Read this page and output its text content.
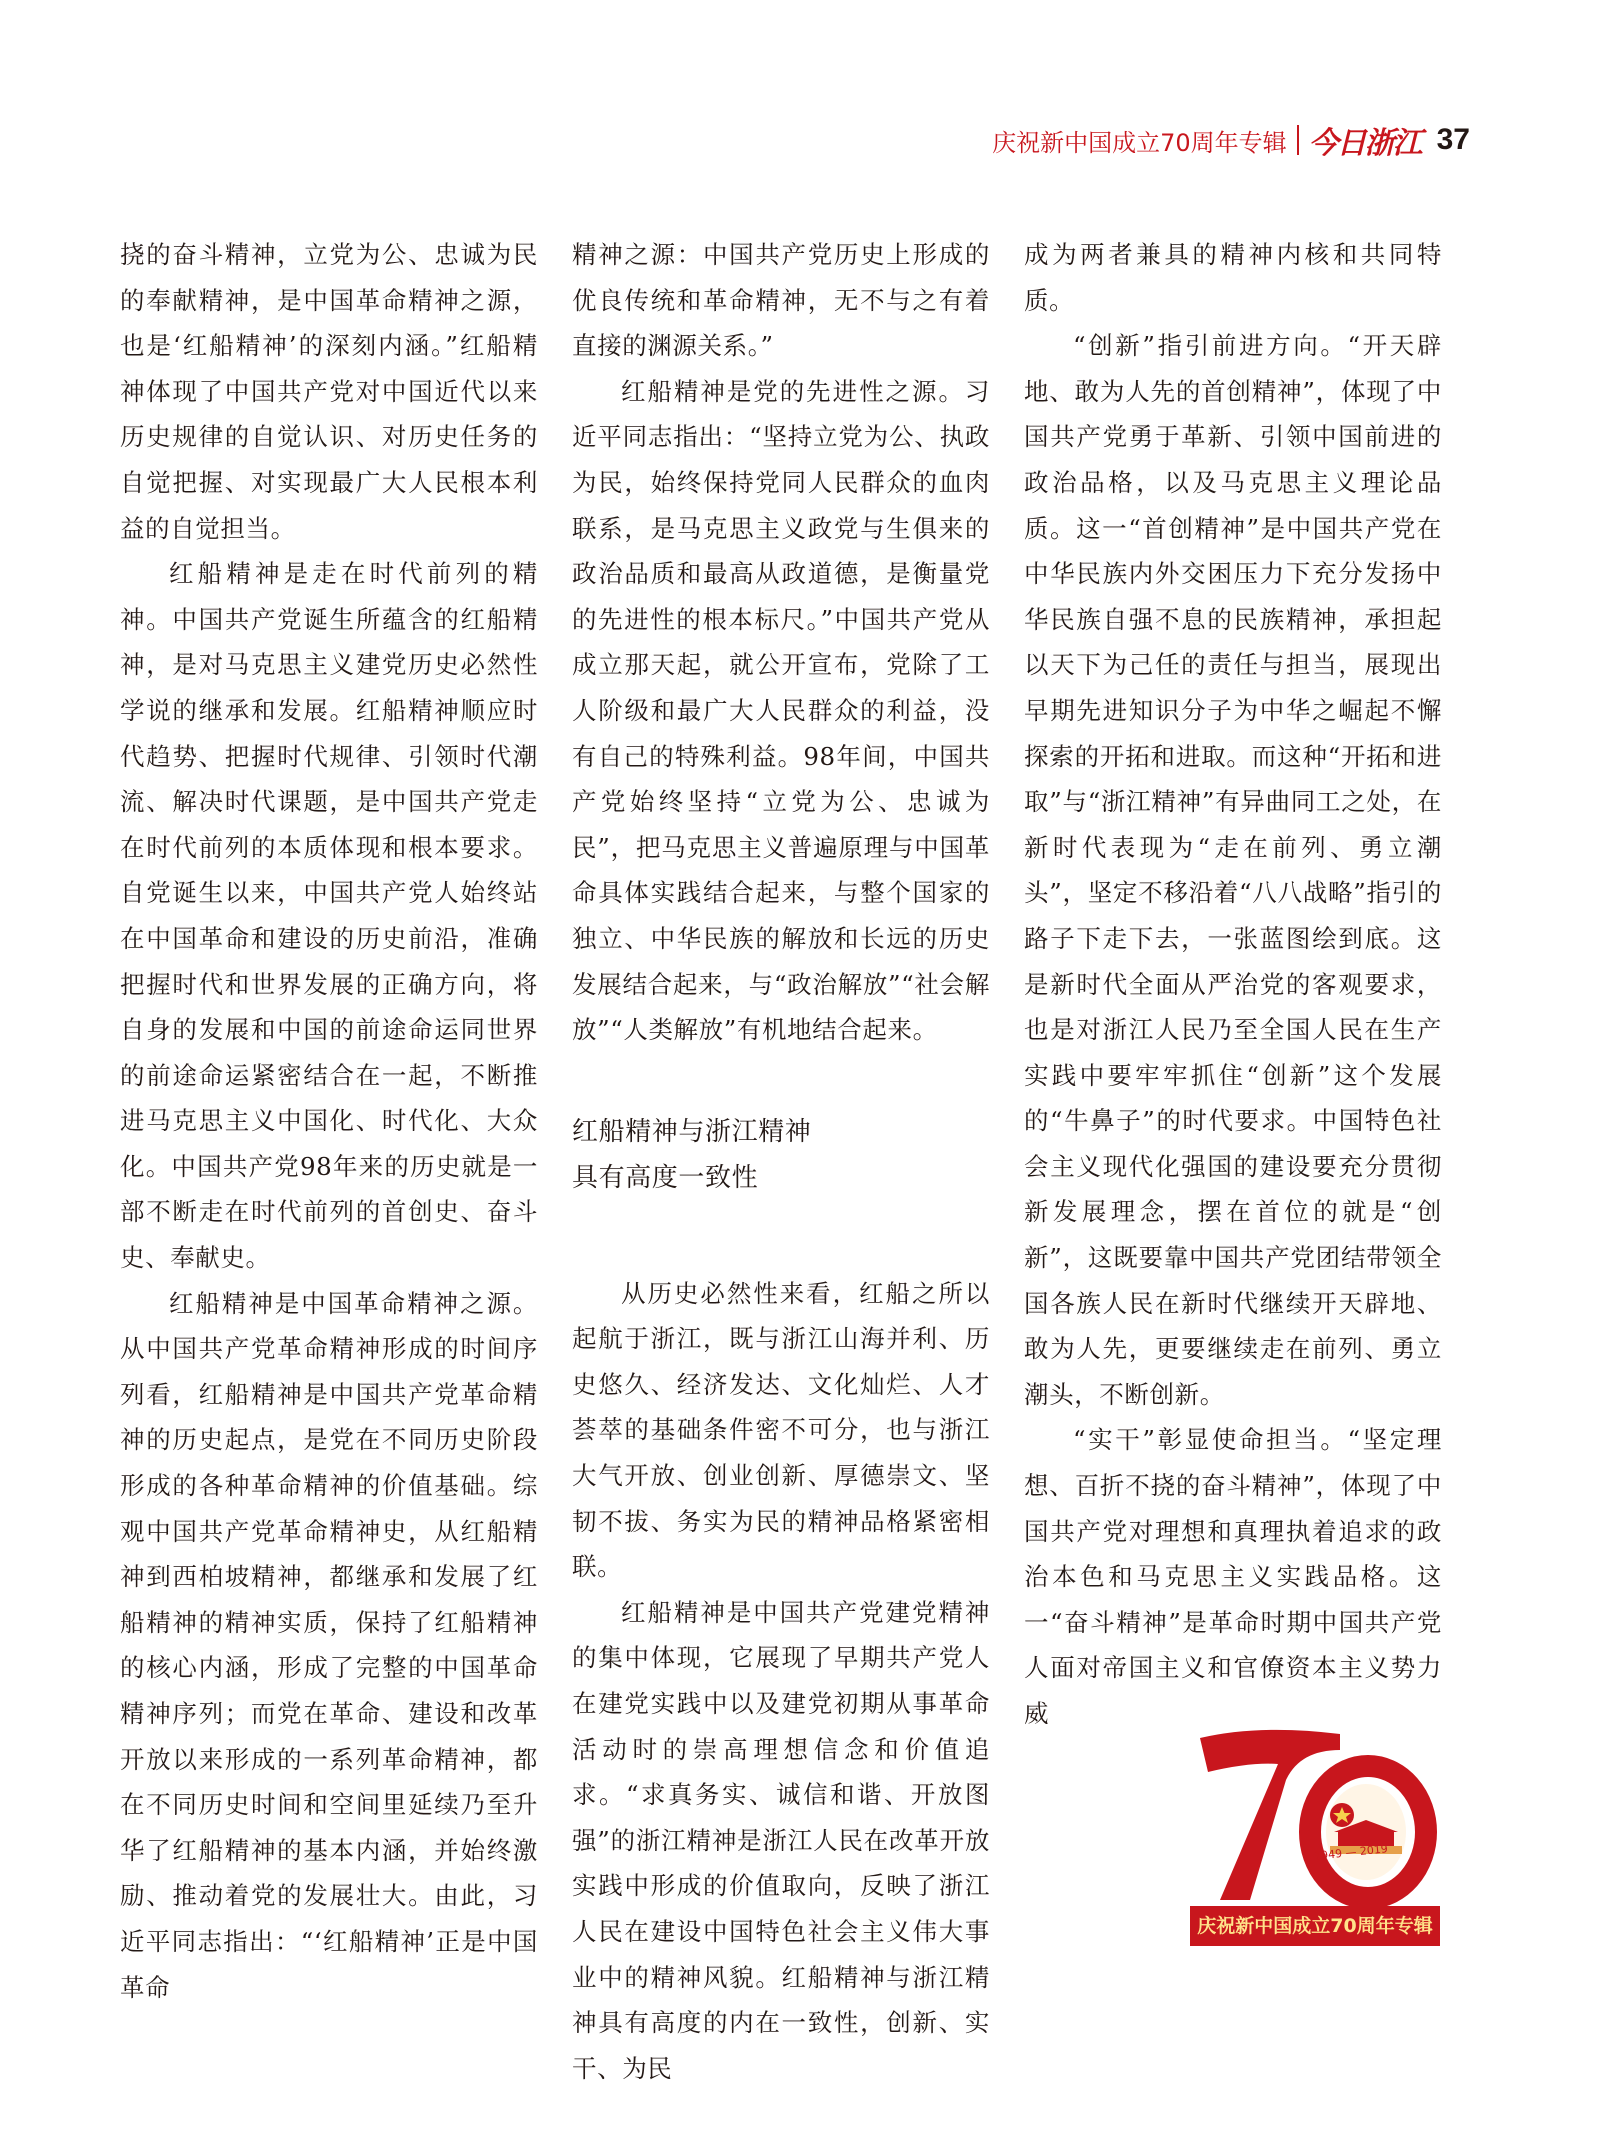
庆祝新中国成立70周年专辑 今日浙江 37

挠的奋斗精神，立党为公、忠诚为民的奉献精神，是中国革命精神之源，也是‘红船精神’的深刻内涵。”红船精神体现了中国共产党对中国近代以来历史规律的自觉认识、对历史任务的自觉把握、对实现最广大人民根本利益的自觉担当。

红船精神是走在时代前列的精神。中国共产党诞生所蕴含的红船精神，是对马克思主义建党历史必然性学说的继承和发展。红船精神顺应时代趋势、把握时代规律、引领时代潮流、解决时代课题，是中国共产党走在时代前列的本质体现和根本要求。自党诞生以来，中国共产党人始终站在中国革命和建设的历史前沿，准确把握时代和世界发展的正确方向，将自身的发展和中国的前途命运同世界的前途命运紧密结合在一起，不断推进马克思主义中国化、时代化、大众化。中国共产党98年来的历史就是一部不断走在时代前列的首创史、奋斗史、奉献史。

红船精神是中国革命精神之源。从中国共产党革命精神形成的时间序列看，红船精神是中国共产党革命精神的历史起点，是党在不同历史阶段形成的各种革命精神的价值基础。综观中国共产党革命精神史，从红船精神到西柏坡精神，都继承和发展了红船精神的精神实质，保持了红船精神的核心内涵，形成了完整的中国革命精神序列；而党在革命、建设和改革开放以来形成的一系列革命精神，都在不同历史时间和空间里延续乃至升华了红船精神的基本内涵，并始终激励、推动着党的发展壮大。由此，习近平同志指出：“‘红船精神’正是中国革命

精神之源：中国共产党历史上形成的优良传统和革命精神，无不与之有着直接的渊源关系。”

红船精神是党的先进性之源。习近平同志指出：“坚持立党为公、执政为民，始终保持党同人民群众的血肉联系，是马克思主义政党与生俱来的政治品质和最高从政道德，是衡量党的先进性的根本标尺。”中国共产党从成立那天起，就公开宣布，党除了工人阶级和最广大人民群众的利益，没有自己的特殊利益。98年间，中国共产党始终坚持“立党为公、忠诚为民”，把马克思主义普遍原理与中国革命具体实践结合起来，与整个国家的独立、中华民族的解放和长远的历史发展结合起来，与“政治解放”“社会解放”“人类解放”有机地结合起来。

红船精神与浙江精神
具有高度一致性

从历史必然性来看，红船之所以起航于浙江，既与浙江山海并利、历史悠久、经济发达、文化灿烂、人才荟萃的基础条件密不可分，也与浙江大气开放、创业创新、厚德崇文、坚韧不拔、务实为民的精神品格紧密相联。

红船精神是中国共产党建党精神的集中体现，它展现了早期共产党人在建党实践中以及建党初期从事革命活动时的崇高理想信念和价值追求。“求真务实、诚信和谐、开放图强”的浙江精神是浙江人民在改革开放实践中形成的价值取向，反映了浙江人民在建设中国特色社会主义伟大事业中的精神风貌。红船精神与浙江精神具有高度的内在一致性，创新、实干、为民

成为两者兼具的精神内核和共同特质。

“创新”指引前进方向。“开天辟地、敢为人先的首创精神”，体现了中国共产党勇于革新、引领中国前进的政治品格，以及马克思主义理论品质。这一“首创精神”是中国共产党在中华民族内外交困压力下充分发扬中华民族自强不息的民族精神，承担起以天下为己任的责任与担当，展现出早期先进知识分子为中华之崛起不懈探索的开拓和进取。而这种“开拓和进取”与“浙江精神”有异曲同工之处，在新时代表现为“走在前列、勇立潮头”，坚定不移沿着“八八战略”指引的路子下走下去，一张蓝图绘到底。这是新时代全面从严治党的客观要求，也是对浙江人民乃至全国人民在生产实践中要牢牢抓住“创新”这个发展的“牛鼻子”的时代要求。中国特色社会主义现代化强国的建设要充分贯彻新发展理念，摆在首位的就是“创新”，这既要靠中国共产党团结带领全国各族人民在新时代继续开天辟地、敢为人先，更要继续走在前列、勇立潮头，不断创新。

“实干”彰显使命担当。“坚定理想、百折不挠的奋斗精神”，体现了中国共产党对理想和真理执着追求的政治本色和马克思主义实践品格。这一“奋斗精神”是革命时期中国共产党人面对帝国主义和官僚资本主义势力威

1949 — 2019
庆祝新中国成立70周年专辑
